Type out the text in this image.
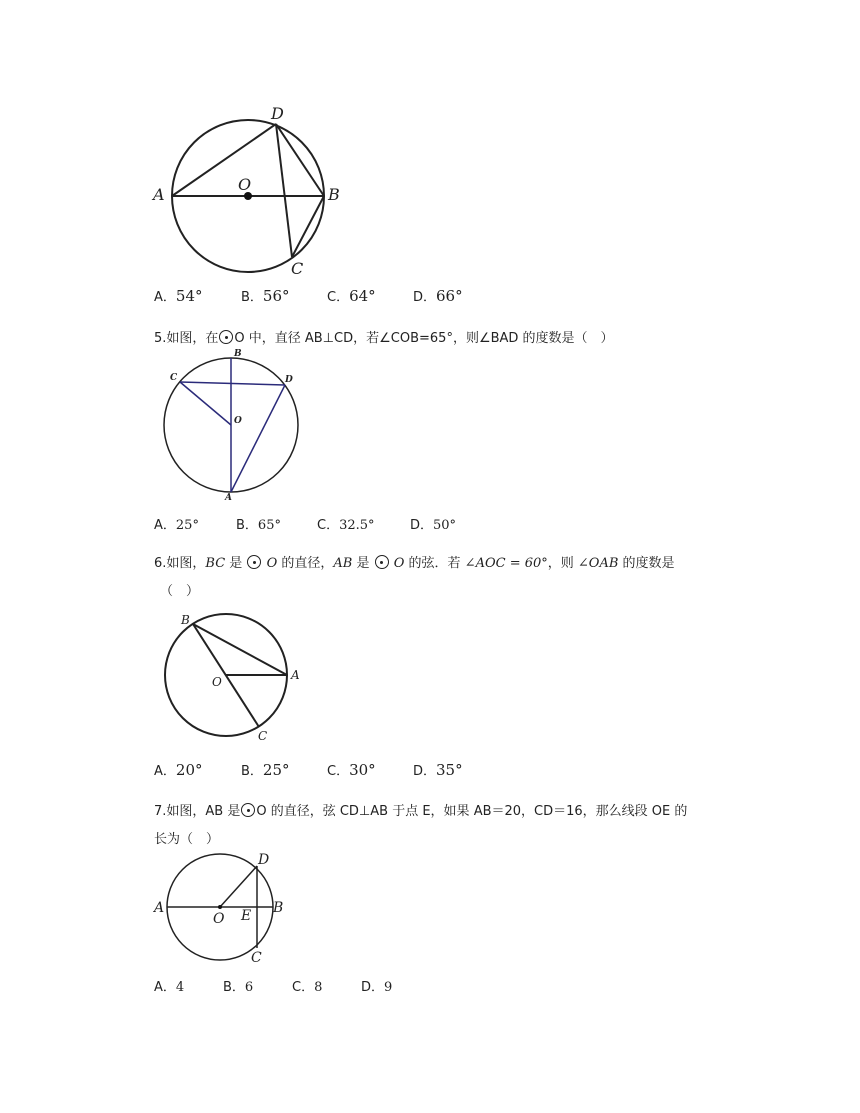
A
O
B
C
D
A．54°	B．56°	C．64°	D．66°
5.如图，在 O 中，直径 AB⊥CD，若∠COB=65°，则∠BAD 的度数是（　）
B
C	D
O
A
A．25°	B．65°	C．32.5°	D．50°
6.如图，BC 是  O 的直径，AB 是  O 的弦．若 ∠AOC = 60°，则 ∠OAB 的度数是
（　）
B
A
O
C
A．20°	B．25°	C．30°	D．35°
7.如图，AB 是 O 的直径，弦 CD⊥AB 于点 E，如果 AB＝20，CD＝16，那么线段 OE 的
长为（　）
A
O E B
D
C
A．4	B．6	C．8	D．9
